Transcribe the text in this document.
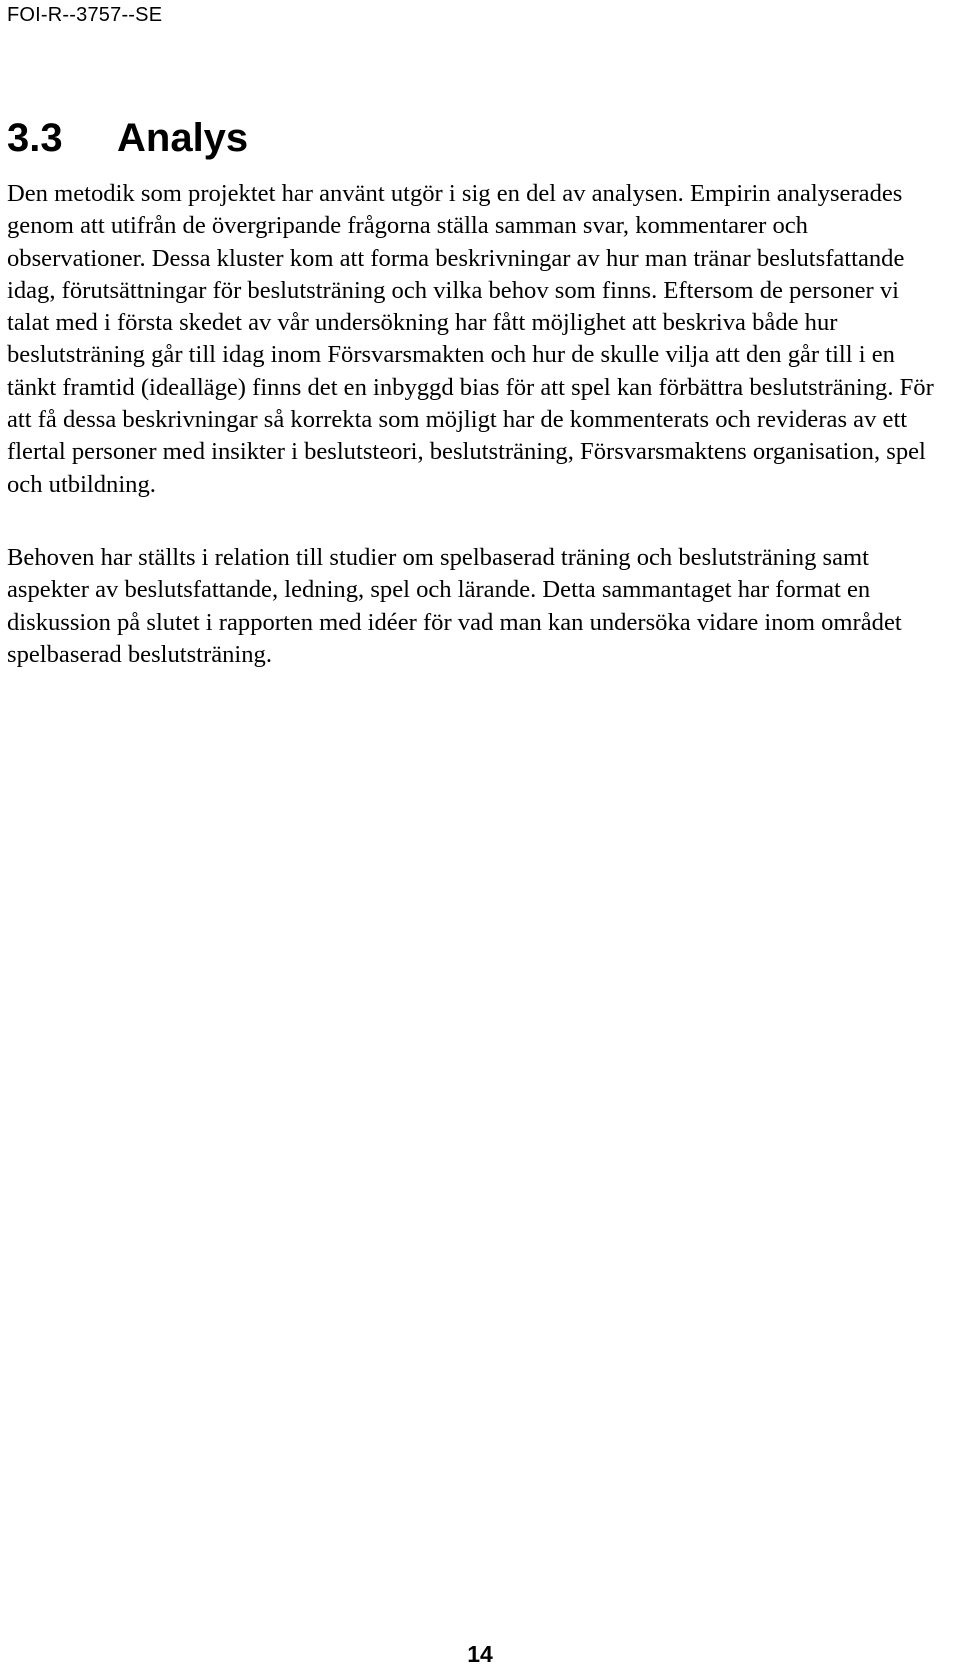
FOI-R--3757--SE
3.3 Analys

Den metodik som projektet har använt utgör i sig en del av analysen. Empirin analyserades genom att utifrån de övergripande frågorna ställa samman svar, kommentarer och observationer. Dessa kluster kom att forma beskrivningar av hur man tränar beslutsfattande idag, förutsättningar för beslutsträning och vilka behov som finns. Eftersom de personer vi talat med i första skedet av vår undersökning har fått möjlighet att beskriva både hur beslutsträning går till idag inom Försvarsmakten och hur de skulle vilja att den går till i en tänkt framtid (idealläge) finns det en inbyggd bias för att spel kan förbättra beslutsträning. För att få dessa beskrivningar så korrekta som möjligt har de kommenterats och revideras av ett flertal personer med insikter i beslutsteori, beslutsträning, Försvarsmaktens organisation, spel och utbildning.

Behoven har ställts i relation till studier om spelbaserad träning och beslutsträning samt aspekter av beslutsfattande, ledning, spel och lärande. Detta sammantaget har format en diskussion på slutet i rapporten med idéer för vad man kan undersöka vidare inom området spelbaserad beslutsträning.

14
